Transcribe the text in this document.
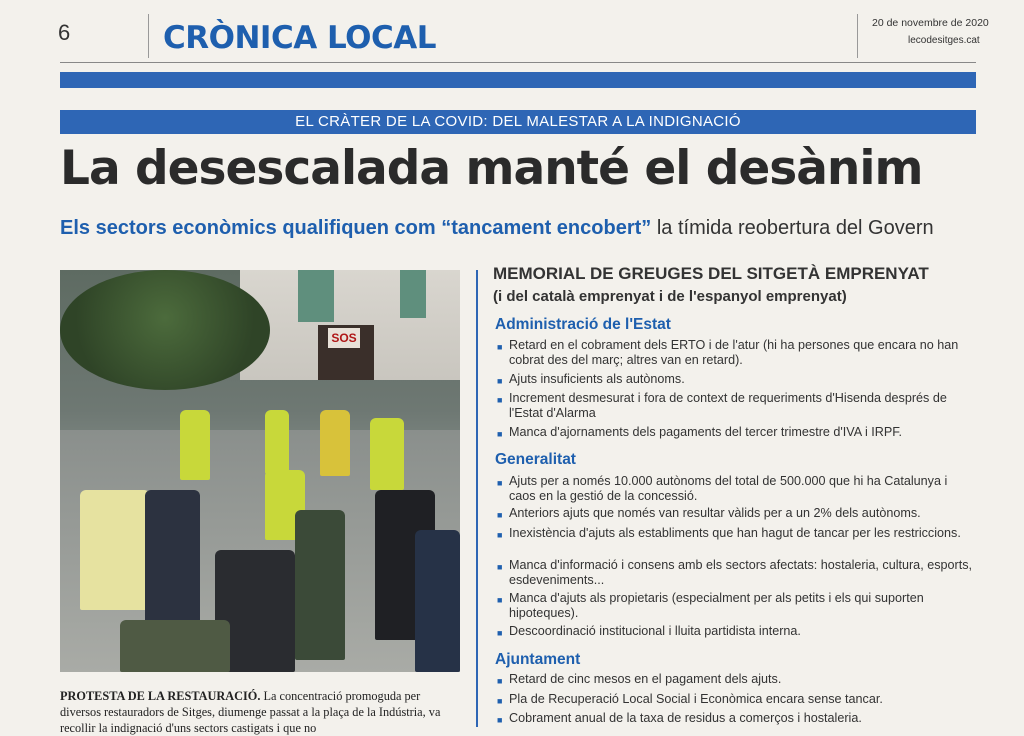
6	CRÒNICA LOCAL	20 de novembre de 2020
lecodesitges.cat
EL CRÀTER DE LA COVID: DEL MALESTAR A LA INDIGNACIÓ
La desescalada manté el desànim
Els sectors econòmics qualifiquen com “tancament encobert” la tímida reobertura del Govern
SOS
PROTESTA DE LA RESTAURACIÓ. La concentració promoguda per diversos restauradors de Sitges, diumenge passat a la plaça de la Indústria, va recollir la indignació d'uns sectors castigats i que no
MEMORIAL DE GREUGES DEL SITGETÀ EMPRENYAT
(i del català emprenyat i de l'espanyol emprenyat)
Administració de l'Estat
■ Retard en el cobrament dels ERTO i de l'atur (hi ha persones que encara no han cobrat des del març; altres van en retard).
■ Ajuts insuficients als autònoms.
■ Increment desmesurat i fora de context de requeriments d'Hisenda després de l'Estat d'Alarma
■ Manca d'ajornaments dels pagaments del tercer trimestre d'IVA i IRPF.
Generalitat
■ Ajuts per a només 10.000 autònoms del total de 500.000 que hi ha Catalunya i caos en la gestió de la concessió.
■ Anteriors ajuts que només van resultar vàlids per a un 2% dels autònoms.
■ Inexistència d'ajuts als establiments que han hagut de tancar per les restriccions.
■ Manca d'informació i consens amb els sectors afectats: hostaleria, cultura, esports, esdeveniments...
■ Manca d'ajuts als propietaris (especialment per als petits i els qui suporten hipoteques).
■ Descoordinació institucional i lluita partidista interna.
Ajuntament
■ Retard de cinc mesos en el pagament dels ajuts.
■ Pla de Recuperació Local Social i Econòmica encara sense tancar.
■ Cobrament anual de la taxa de residus a comerços i hostaleria.
